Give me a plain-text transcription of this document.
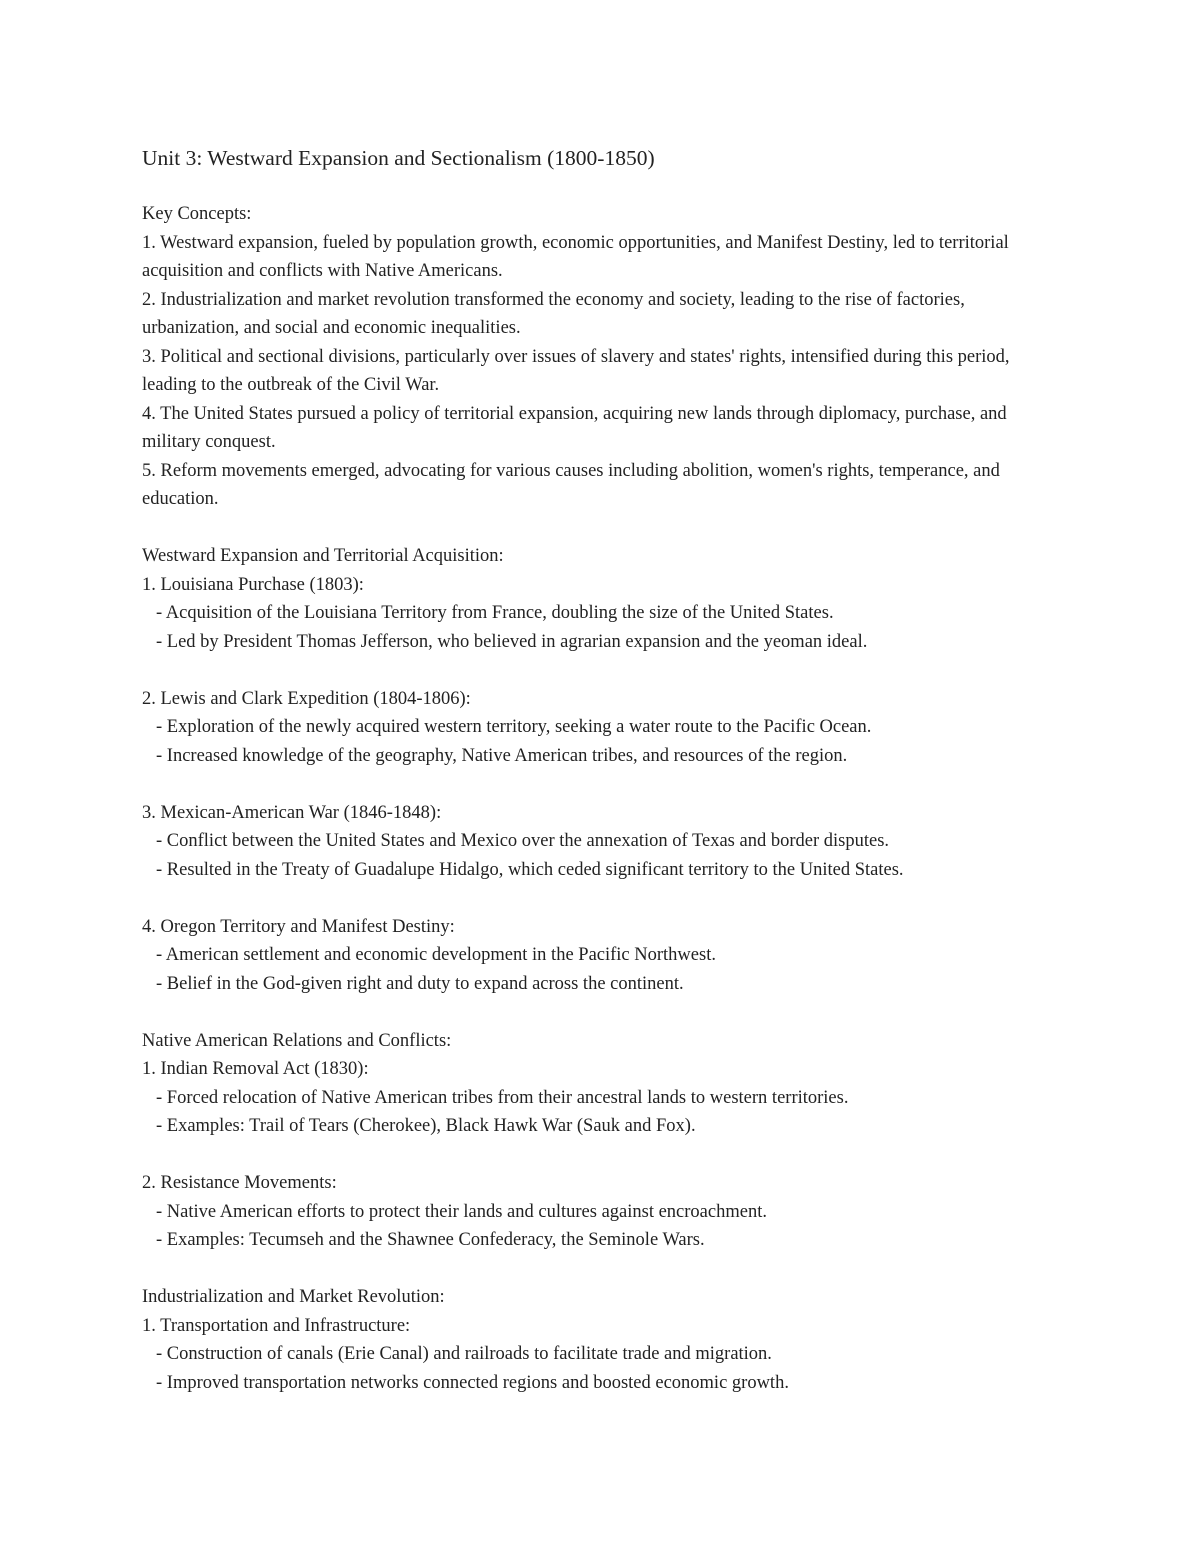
Unit 3: Westward Expansion and Sectionalism (1800-1850)

Key Concepts:

1. Westward expansion, fueled by population growth, economic opportunities, and Manifest Destiny, led to territorial acquisition and conflicts with Native Americans.

2. Industrialization and market revolution transformed the economy and society, leading to the rise of factories, urbanization, and social and economic inequalities.

3. Political and sectional divisions, particularly over issues of slavery and states' rights, intensified during this period, leading to the outbreak of the Civil War.

4. The United States pursued a policy of territorial expansion, acquiring new lands through diplomacy, purchase, and military conquest.

5. Reform movements emerged, advocating for various causes including abolition, women's rights, temperance, and education.

Westward Expansion and Territorial Acquisition:

1. Louisiana Purchase (1803):

- Acquisition of the Louisiana Territory from France, doubling the size of the United States.

- Led by President Thomas Jefferson, who believed in agrarian expansion and the yeoman ideal.

2. Lewis and Clark Expedition (1804-1806):

- Exploration of the newly acquired western territory, seeking a water route to the Pacific Ocean.

- Increased knowledge of the geography, Native American tribes, and resources of the region.

3. Mexican-American War (1846-1848):

- Conflict between the United States and Mexico over the annexation of Texas and border disputes.

- Resulted in the Treaty of Guadalupe Hidalgo, which ceded significant territory to the United States.

4. Oregon Territory and Manifest Destiny:

- American settlement and economic development in the Pacific Northwest.

- Belief in the God-given right and duty to expand across the continent.

Native American Relations and Conflicts:

1. Indian Removal Act (1830):

- Forced relocation of Native American tribes from their ancestral lands to western territories.

- Examples: Trail of Tears (Cherokee), Black Hawk War (Sauk and Fox).

2. Resistance Movements:

- Native American efforts to protect their lands and cultures against encroachment.

- Examples: Tecumseh and the Shawnee Confederacy, the Seminole Wars.

Industrialization and Market Revolution:

1. Transportation and Infrastructure:

- Construction of canals (Erie Canal) and railroads to facilitate trade and migration.

- Improved transportation networks connected regions and boosted economic growth.
